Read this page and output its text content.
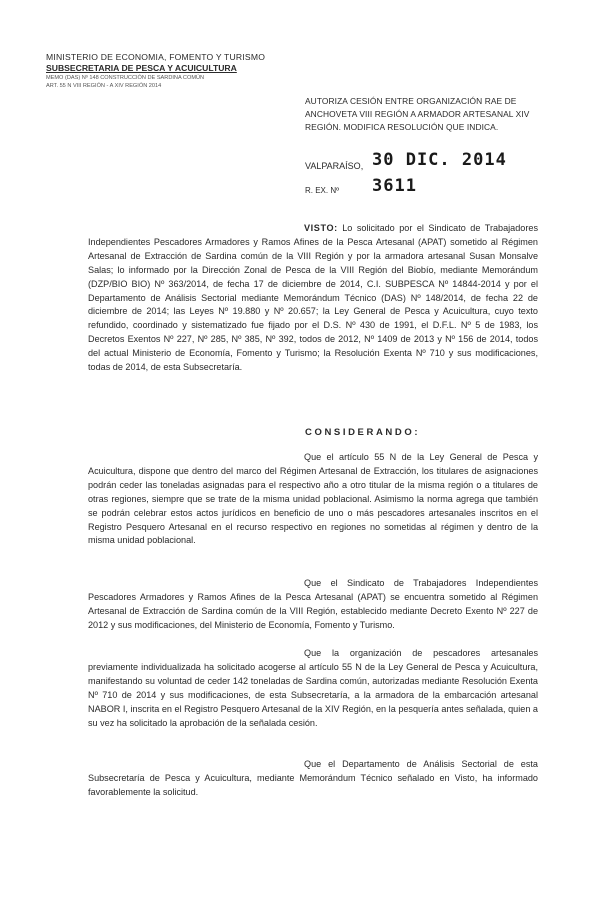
MINISTERIO DE ECONOMIA, FOMENTO Y TURISMO
SUBSECRETARIA DE PESCA Y ACUICULTURA
MEMO (DAS) Nº 148 CONSTRUCCIÓN DE SARDINA COMÚN
ART. 55 N VIII REGIÓN - A XIV REGIÓN 2014
AUTORIZA CESIÓN ENTRE ORGANIZACIÓN RAE DE ANCHOVETA VIII REGIÓN A ARMADOR ARTESANAL XIV REGIÓN. MODIFICA RESOLUCIÓN QUE INDICA.
VALPARAÍSO, 30 DIC. 2014
R. EX. Nº 3611
VISTO: Lo solicitado por el Sindicato de Trabajadores Independientes Pescadores Armadores y Ramos Afines de la Pesca Artesanal (APAT) sometido al Régimen Artesanal de Extracción de Sardina común de la VIII Región y por la armadora artesanal Susan Monsalve Salas; lo informado por la Dirección Zonal de Pesca de la VIII Región del Biobío, mediante Memorándum (DZP/BIO BIO) Nº 363/2014, de fecha 17 de diciembre de 2014, C.I. SUBPESCA Nº 14844-2014 y por el Departamento de Análisis Sectorial mediante Memorándum Técnico (DAS) Nº 148/2014, de fecha 22 de diciembre de 2014; las Leyes Nº 19.880 y Nº 20.657; la Ley General de Pesca y Acuicultura, cuyo texto refundido, coordinado y sistematizado fue fijado por el D.S. Nº 430 de 1991, el D.F.L. Nº 5 de 1983, los Decretos Exentos Nº 227, Nº 285, Nº 385, Nº 392, todos de 2012, Nº 1409 de 2013 y Nº 156 de 2014, todos del actual Ministerio de Economía, Fomento y Turismo; la Resolución Exenta Nº 710 y sus modificaciones, todas de 2014, de esta Subsecretaría.
CONSIDERANDO:
Que el artículo 55 N de la Ley General de Pesca y Acuicultura, dispone que dentro del marco del Régimen Artesanal de Extracción, los titulares de asignaciones podrán ceder las toneladas asignadas para el respectivo año a otro titular de la misma región o a titulares de otras regiones, siempre que se trate de la misma unidad poblacional. Asimismo la norma agrega que también se podrán celebrar estos actos jurídicos en beneficio de uno o más pescadores artesanales inscritos en el Registro Pesquero Artesanal en el recurso respectivo en regiones no sometidas al régimen y dentro de la misma unidad poblacional.
Que el Sindicato de Trabajadores Independientes Pescadores Armadores y Ramos Afines de la Pesca Artesanal (APAT) se encuentra sometido al Régimen Artesanal de Extracción de Sardina común de la VIII Región, establecido mediante Decreto Exento Nº 227 de 2012 y sus modificaciones, del Ministerio de Economía, Fomento y Turismo.
Que la organización de pescadores artesanales previamente individualizada ha solicitado acogerse al artículo 55 N de la Ley General de Pesca y Acuicultura, manifestando su voluntad de ceder 142 toneladas de Sardina común, autorizadas mediante Resolución Exenta Nº 710 de 2014 y sus modificaciones, de esta Subsecretaría, a la armadora de la embarcación artesanal NABOR I, inscrita en el Registro Pesquero Artesanal de la XIV Región, en la pesquería antes señalada, quien a su vez ha solicitado la aprobación de la señalada cesión.
Que el Departamento de Análisis Sectorial de esta Subsecretaría de Pesca y Acuicultura, mediante Memorándum Técnico señalado en Visto, ha informado favorablemente la solicitud.
